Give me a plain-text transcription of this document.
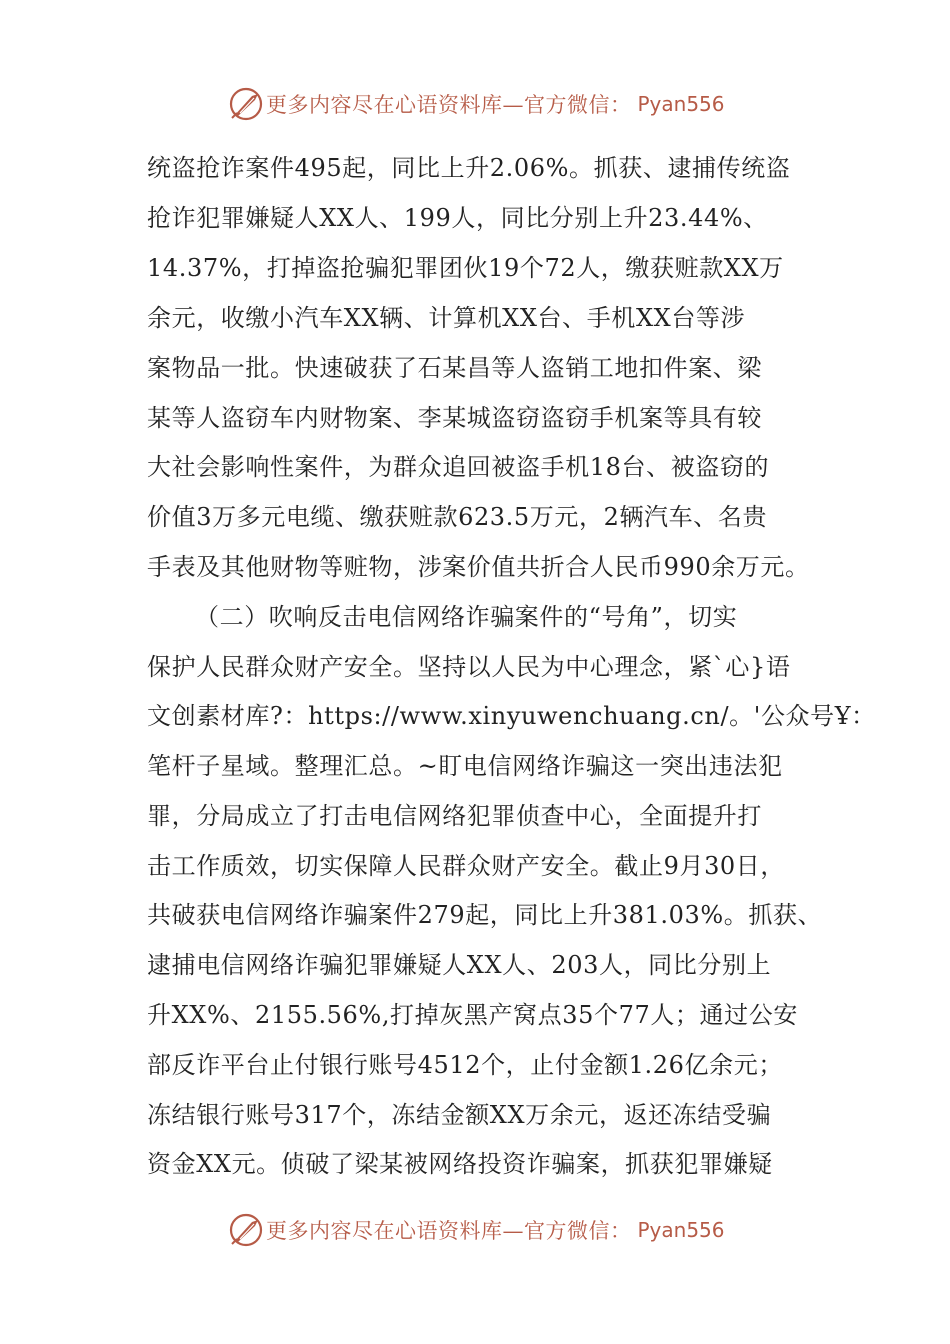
更多内容尽在心语资料库—官方微信： Pyan556
统盗抢诈案件495起，同比上升2.06%。抓获、逮捕传统盗
抢诈犯罪嫌疑人XX人、199人，同比分别上升23.44%、
14.37%，打掉盗抢骗犯罪团伙19个72人，缴获赃款XX万
余元，收缴小汽车XX辆、计算机XX台、手机XX台等涉
案物品一批。快速破获了石某昌等人盗销工地扣件案、梁
某等人盗窃车内财物案、李某城盗窃盗窃手机案等具有较
大社会影响性案件，为群众追回被盗手机18台、被盗窃的
价值3万多元电缆、缴获赃款623.5万元，2辆汽车、名贵
手表及其他财物等赃物，涉案价值共折合人民币990余万元。
（二）吹响反击电信网络诈骗案件的“号角”，切实
保护人民群众财产安全。坚持以人民为中心理念，紧`心}语
文创素材库?：https://www.xinyuwenchuang.cn/。'公众号Ұ：
笔杆子星域。整理汇总。~盯电信网络诈骗这一突出违法犯
罪，分局成立了打击电信网络犯罪侦查中心，全面提升打
击工作质效，切实保障人民群众财产安全。截止9月30日，
共破获电信网络诈骗案件279起，同比上升381.03%。抓获、
逮捕电信网络诈骗犯罪嫌疑人XX人、203人，同比分别上
升XX%、2155.56%,打掉灰黑产窝点35个77人；通过公安
部反诈平台止付银行账号4512个，止付金额1.26亿余元；
冻结银行账号317个，冻结金额XX万余元，返还冻结受骗
资金XX元。侦破了梁某被网络投资诈骗案，抓获犯罪嫌疑
更多内容尽在心语资料库—官方微信： Pyan556
